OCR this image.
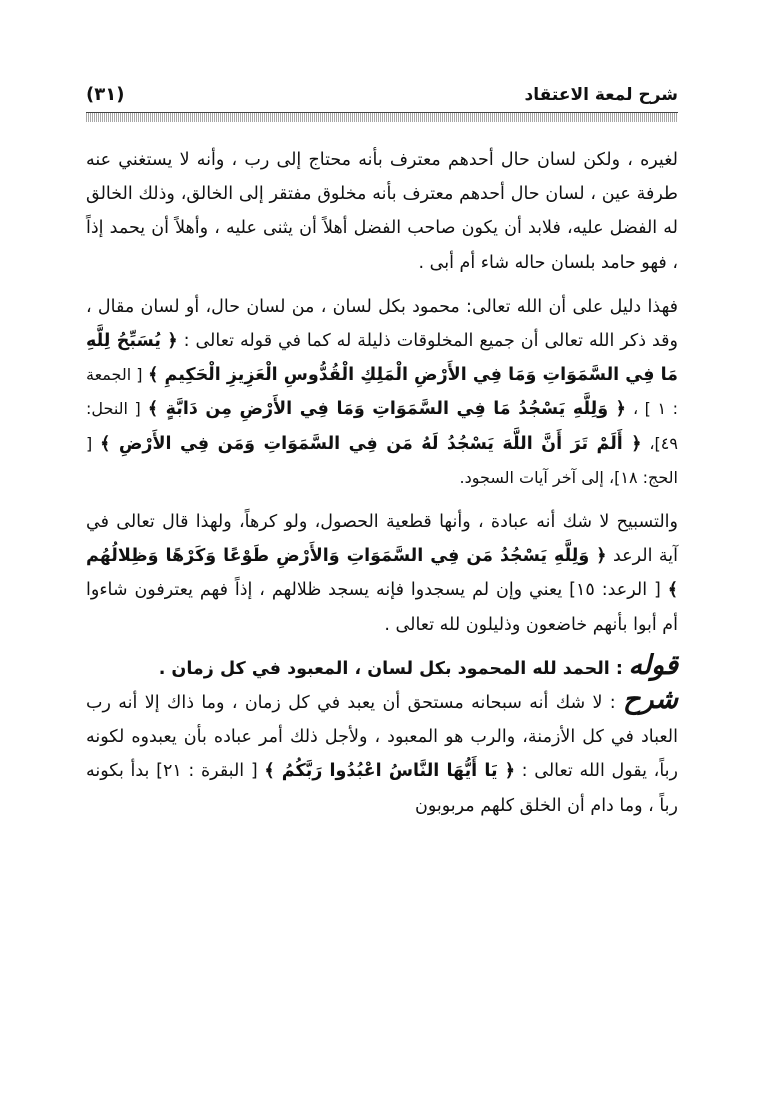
شرح لمعة الاعتقاد
(٣١)

لغيره ، ولكن لسان حال أحدهم معترف بأنه محتاج إلى رب ، وأنه لا يستغني عنه طرفة عين ، لسان حال أحدهم معترف بأنه مخلوق مفتقر إلى الخالق، وذلك الخالق له الفضل عليه، فلابد أن يكون صاحب الفضل أهلاً أن يثنى عليه ، وأهلاً أن يحمد إذاً ، فهو حامد بلسان حاله شاء أم أبى .

فهذا دليل على أن الله تعالى: محمود بكل لسان ، من لسان حال، أو لسان مقال ، وقد ذكر الله تعالى أن جميع المخلوقات ذليلة له كما في قوله تعالى : ﴿ يُسَبِّحُ لِلَّهِ مَا فِي السَّمَوَاتِ وَمَا فِي الأَرْضِ الْمَلِكِ الْقُدُّوسِ الْعَزِيزِ الْحَكِيمِ ﴾ [ الجمعة : ١ ] ، ﴿ وَلِلَّهِ يَسْجُدُ مَا فِي السَّمَوَاتِ وَمَا فِي الأَرْضِ مِن دَابَّةٍ ﴾ [ النحل: ٤٩]، ﴿ أَلَمْ تَرَ أَنَّ اللَّهَ يَسْجُدُ لَهُ مَن فِي السَّمَوَاتِ وَمَن فِي الأَرْضِ ﴾ [ الحج: ١٨]، إلى آخر آيات السجود.

والتسبيح لا شك أنه عبادة ، وأنها قطعية الحصول، ولو كرهاً، ولهذا قال تعالى في آية الرعد ﴿ وَلِلَّهِ يَسْجُدُ مَن فِي السَّمَوَاتِ وَالأَرْضِ طَوْعًا وَكَرْهًا وَظِلالُهُم ﴾ [ الرعد: ١٥] يعني وإن لم يسجدوا فإنه يسجد ظلالهم ، إذاً فهم يعترفون شاءوا أم أبوا بأنهم خاضعون وذليلون لله تعالى .

قوله : الحمد لله المحمود بكل لسان ، المعبود في كل زمان .

شرح : لا شك أنه سبحانه مستحق أن يعبد في كل زمان ، وما ذاك إلا أنه رب العباد في كل الأزمنة، والرب هو المعبود ، ولأجل ذلك أمر عباده بأن يعبدوه لكونه رباً، يقول الله تعالى : ﴿ يَا أَيُّهَا النَّاسُ اعْبُدُوا رَبَّكُمُ ﴾ [ البقرة : ٢١] بدأ بكونه رباً ، وما دام أن الخلق كلهم مربوبون
